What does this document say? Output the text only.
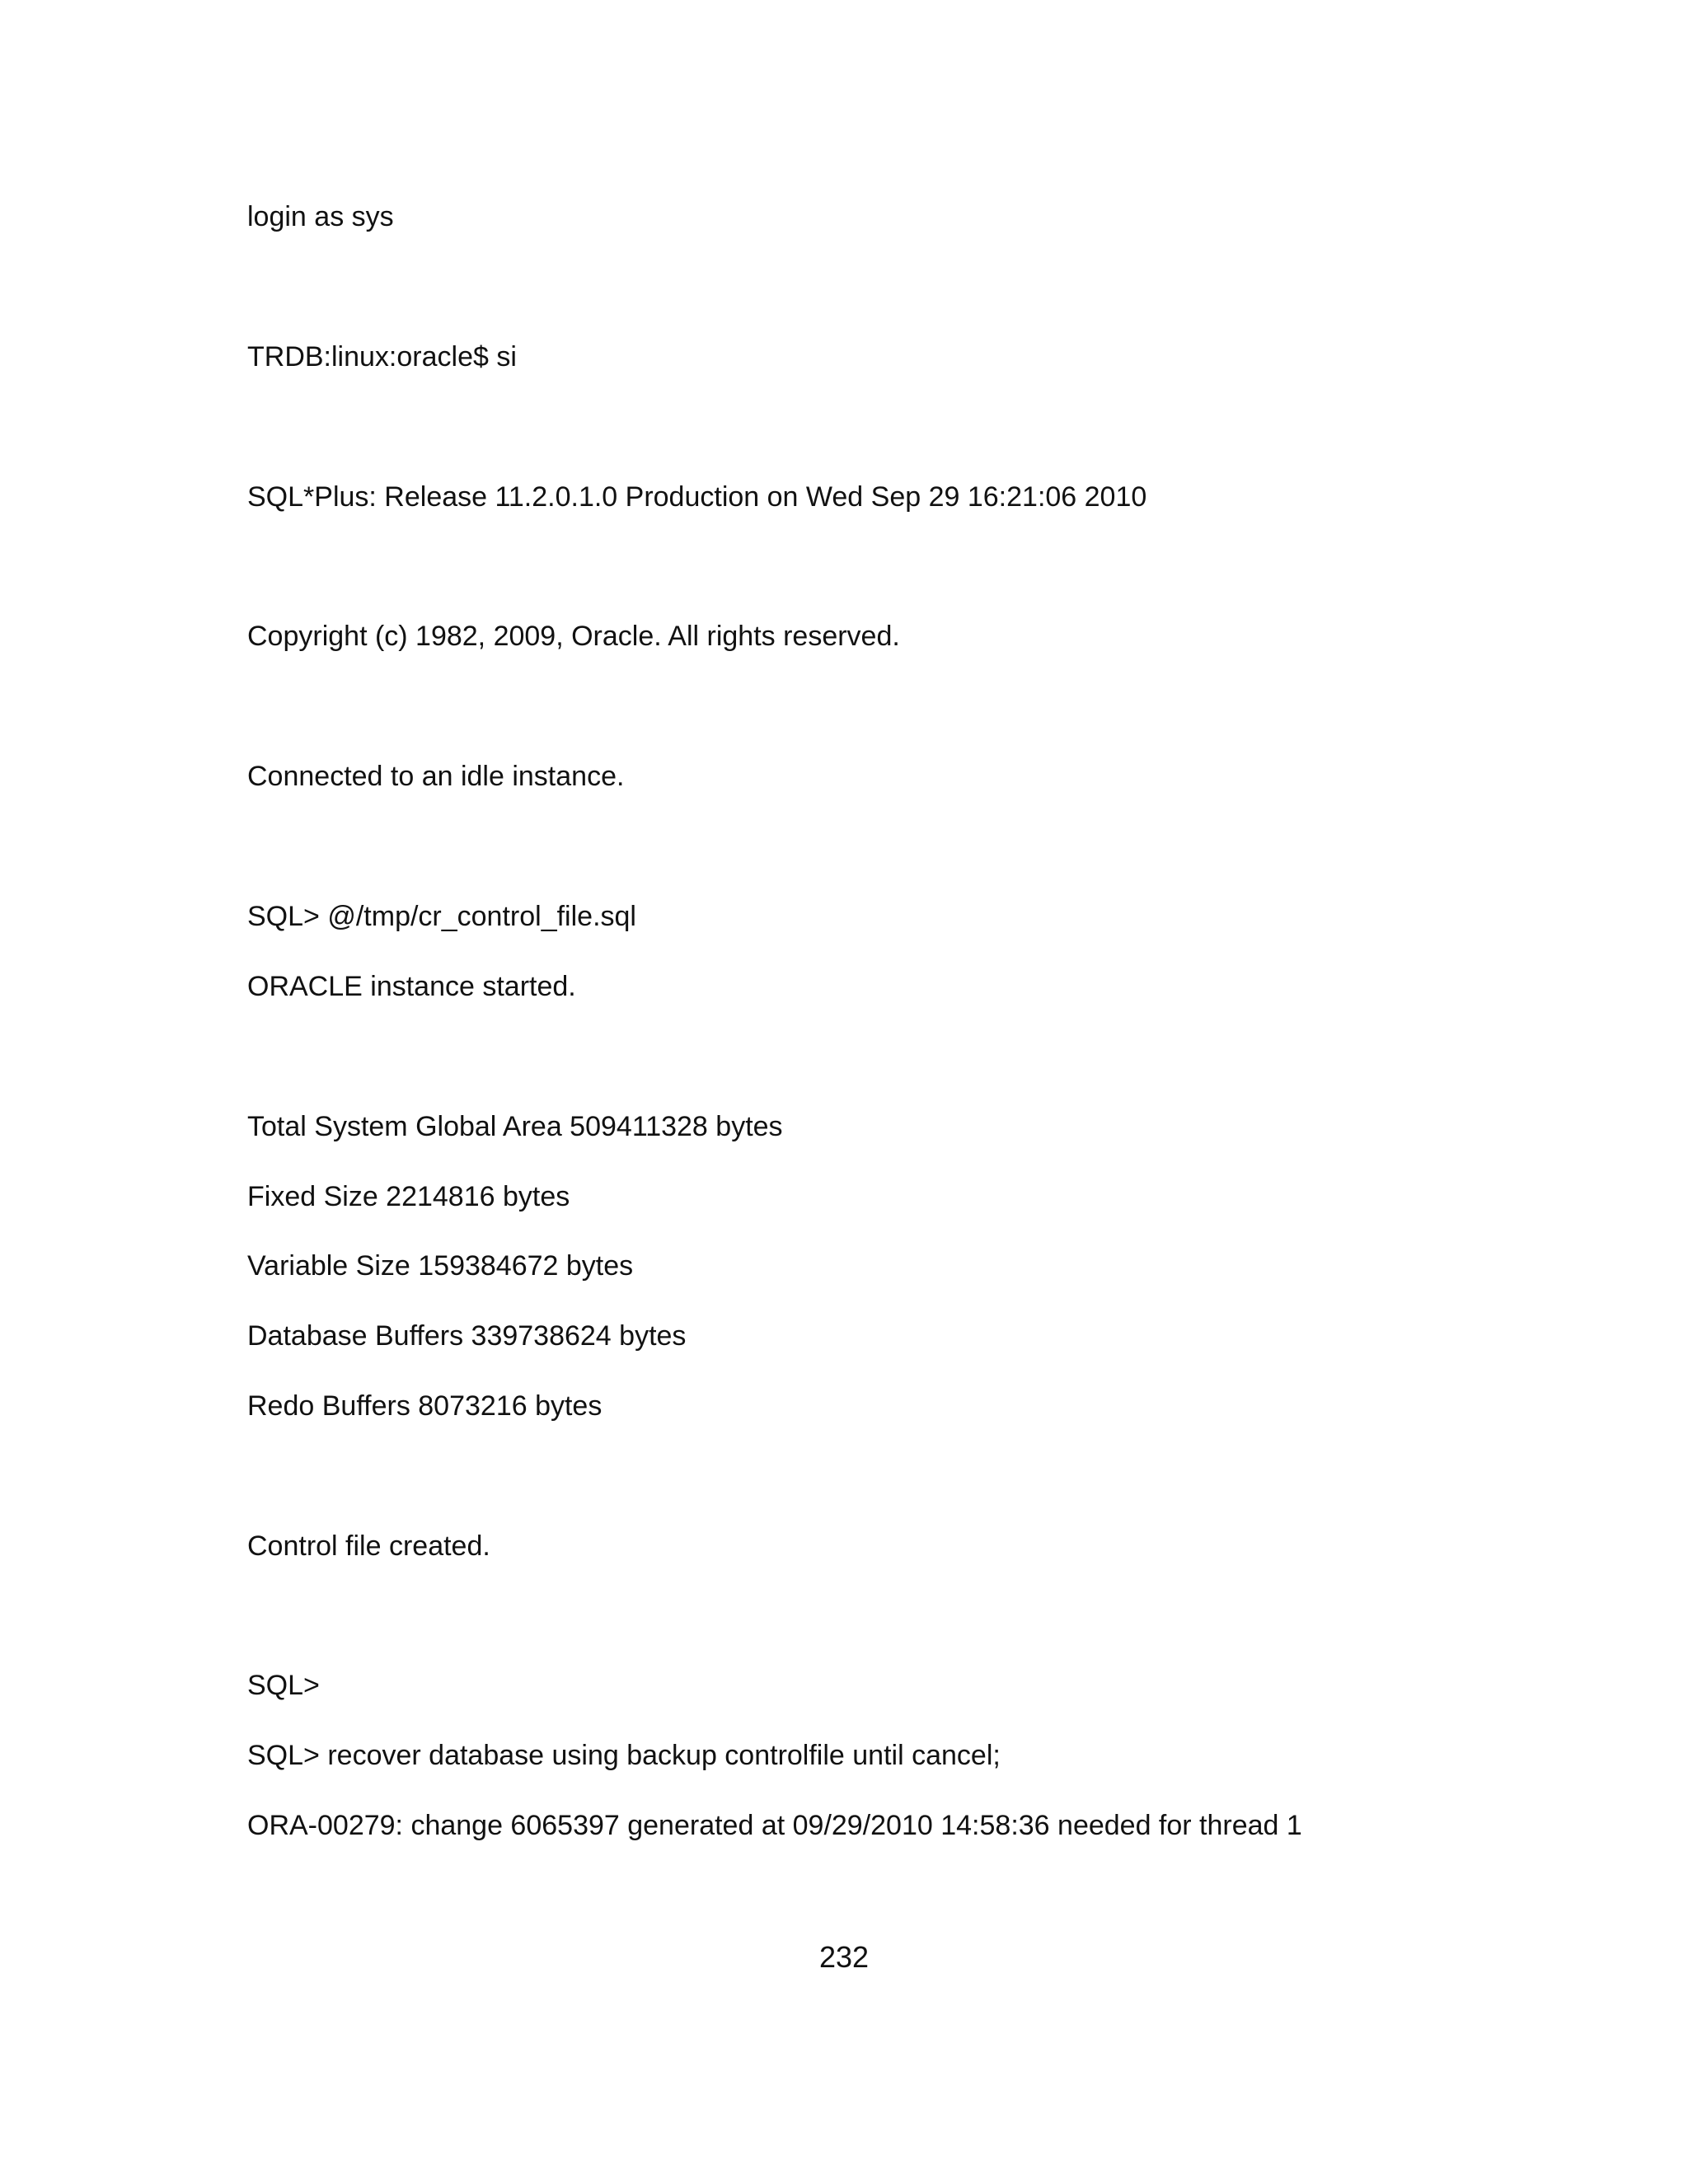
login as sys
TRDB:linux:oracle$ si
SQL*Plus: Release 11.2.0.1.0 Production on Wed Sep 29 16:21:06 2010
Copyright (c) 1982, 2009, Oracle. All rights reserved.
Connected to an idle instance.
SQL> @/tmp/cr_control_file.sql
ORACLE instance started.
Total System Global Area 509411328 bytes
Fixed Size 2214816 bytes
Variable Size 159384672 bytes
Database Buffers 339738624 bytes
Redo Buffers 8073216 bytes
Control file created.
SQL>
SQL> recover database using backup controlfile until cancel;
ORA-00279: change 6065397 generated at 09/29/2010 14:58:36 needed for thread 1
232
